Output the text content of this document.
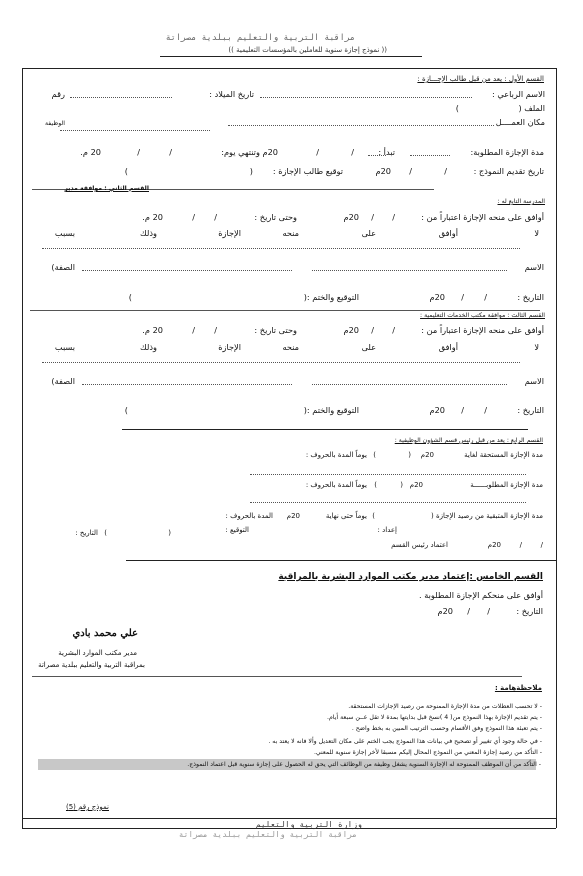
مراقبة التربية والتعليم ببلدية مصراتة
(( نموذج إجازة سنوية للعاملين بالمؤسسات التعليمية ))
القسم الأول : يعد من قبل طالب الإجـــازة :
الاسم الرباعي :
تاريخ الميلاد :
رقم
الملف (
)
مكان العمــــل
الوظيفة
مدة الإجازة المطلوبة:
تبدأ :
/
/
20م وتنتهي يوم:
/
/
20 م.
تاريخ تقديم النموذج :
/
/
20م
توقيع طالب الإجازة :
(
)
القسم الثاني : موافقة مدير
المدرسة التابع له :
أوافق على منحه الإجازة اعتباراً من :
/
/
20م
وحتى تاريخ :
/
/
20 م.
لا
أوافق
على
منحه
الإجازة
وذلك
بسبب
الاسم
الصفة)
التاريخ :
/
/
20م
التوقيع والختم :(
)
القسم الثالث : موافقة مكتب الخدمات التعليمية :
أوافق على منحه الإجازة اعتباراً من :
/
/
20م
وحتى تاريخ :
/
/
20 م.
لا
أوافق
على
منحه
الإجازة
وذلك
بسبب
الاسم
الصفة)
التاريخ :
/
/
20م
التوقيع والختم :(
)
القسم الرابع : يعد من قبل رئيس قسم الشؤون الوظيفية :
مدة الإجازة المستحقة لغاية
20م
(
)
يوماً المدة بالحروف :
مدة الإجازة المطلوبــــــة
20م
(
)
يوماً المدة بالحروف :
مدة الإجازة المتبقية من رصيد الإجازة (
)
يوماً حتى نهاية
20م
المدة بالحروف :
إعداد :
التوقيع :
(
)
التاريخ :
/
/
20م
اعتماد رئيس القسم
القسم الخامس :إعتماد مدير مكتب الموارد البشرية بالمراقبة
أوافق على منحكم الإجازة المطلوبة .
التاريخ :
/
/
20م
علي محمد بادي
مدير مكتب الموارد البشرية
بمراقبة التربية والتعليم ببلدية مصراتة
ملاحظةهامة :
- لا تحسب العطلات من مدة الإجازة الممنوحة من رصيد الإجازات المستحقة.
- يتم تقديم الإجازة بهذا النموذج من( 4 )نسخ قبل بدايتها بمدة لا تقل عــن سبعة أيام.
- يتم تعبئة هذا النموذج وفق الأقسام وحسب الترتيب المبين به بخط واضح .
- في حالة وجود أي تغيير أو تصحيح في بيانات هذا النموذج يجب الختم على مكان التعديل وألا فانه لا يعتد به .
- التأكد من رصيد إجازة المعني من النموذج المحال إليكم مسبقا لأخر إجازة سنوية للمعني.
- التأكد من أن الموظف الممنوحة له الإجازة السنوية يشغل وظيفة من الوظائف التي يحق له الحصول على إجازة سنوية قبل اعتماد النموذج.
نموذج رقم (5)
وزارة التربية والتعليم
مراقبة التربية والتعليم ببلدية مصراتة
